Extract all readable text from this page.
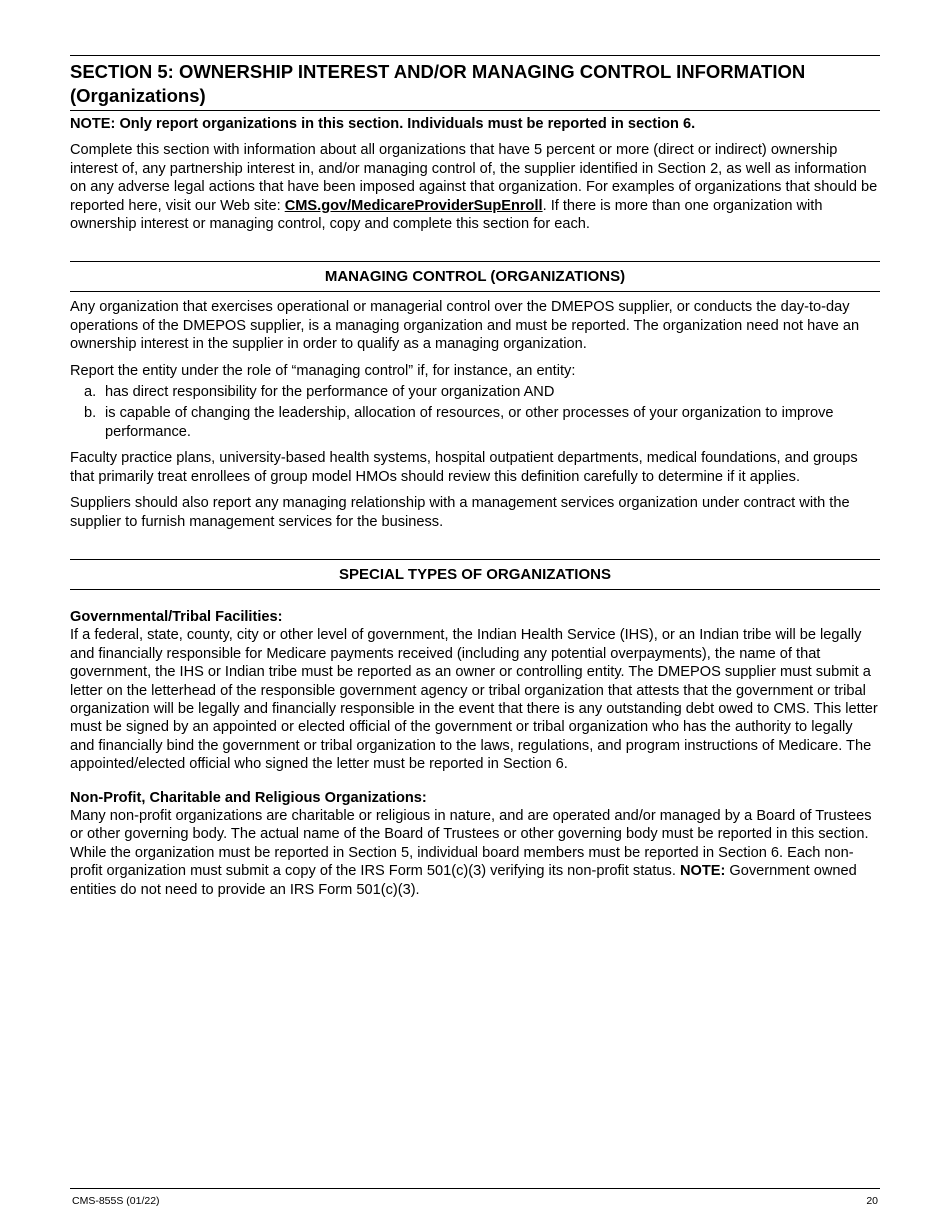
SECTION 5: OWNERSHIP INTEREST AND/OR MANAGING CONTROL INFORMATION
(Organizations)

NOTE: Only report organizations in this section. Individuals must be reported in section 6.

Complete this section with information about all organizations that have 5 percent or more (direct or indirect) ownership interest of, any partnership interest in, and/or managing control of, the supplier identified in Section 2, as well as information on any adverse legal actions that have been imposed against that organization. For examples of organizations that should be reported here, visit our Web site: CMS.gov/MedicareProviderSupEnroll. If there is more than one organization with ownership interest or managing control, copy and complete this section for each.

MANAGING CONTROL (ORGANIZATIONS)

Any organization that exercises operational or managerial control over the DMEPOS supplier, or conducts the day-to-day operations of the DMEPOS supplier, is a managing organization and must be reported. The organization need not have an ownership interest in the supplier in order to qualify as a managing organization.

Report the entity under the role of “managing control” if, for instance, an entity:

a. has direct responsibility for the performance of your organization AND
b. is capable of changing the leadership, allocation of resources, or other processes of your organization to improve performance.

Faculty practice plans, university-based health systems, hospital outpatient departments, medical foundations, and groups that primarily treat enrollees of group model HMOs should review this definition carefully to determine if it applies.

Suppliers should also report any managing relationship with a management services organization under contract with the supplier to furnish management services for the business.

SPECIAL TYPES OF ORGANIZATIONS
Governmental/Tribal Facilities:

If a federal, state, county, city or other level of government, the Indian Health Service (IHS), or an Indian tribe will be legally and financially responsible for Medicare payments received (including any potential overpayments), the name of that government, the IHS or Indian tribe must be reported as an owner or controlling entity. The DMEPOS supplier must submit a letter on the letterhead of the responsible government agency or tribal organization that attests that the government or tribal organization will be legally and financially responsible in the event that there is any outstanding debt owed to CMS. This letter must be signed by an appointed or elected official of the government or tribal organization who has the authority to legally and financially bind the government or tribal organization to the laws, regulations, and program instructions of Medicare. The appointed/elected official who signed the letter must be reported in Section 6.

Non-Profit, Charitable and Religious Organizations:

Many non-profit organizations are charitable or religious in nature, and are operated and/or managed by a Board of Trustees or other governing body. The actual name of the Board of Trustees or other governing body must be reported in this section. While the organization must be reported in Section 5, individual board members must be reported in Section 6. Each non-profit organization must submit a copy of the IRS Form 501(c)(3) verifying its non-profit status. NOTE: Government owned entities do not need to provide an IRS Form 501(c)(3).

CMS-855S (01/22)	20
